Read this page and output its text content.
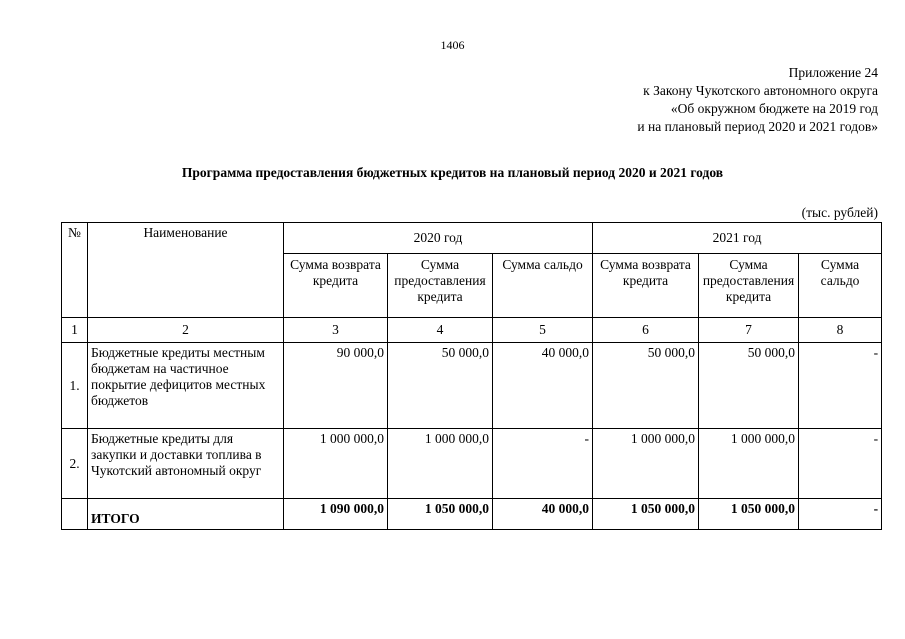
1406
Приложение 24
к Закону Чукотского автономного округа
«Об окружном бюджете на 2019 год
и на плановый период 2020 и 2021 годов»
Программа предоставления бюджетных кредитов на плановый период 2020 и 2021 годов
(тыс. рублей)
№	Наименование	2020 год			2021 год		
		Сумма возврата кредита	Сумма предоставления кредита	Сумма сальдо	Сумма возврата кредита	Сумма предоставления кредита	Сумма сальдо
1	2	3	4	5	6	7	8
1.	Бюджетные кредиты местным бюджетам на частичное покрытие дефицитов местных бюджетов	90 000,0	50 000,0	40 000,0	50 000,0	50 000,0	-
2.	Бюджетные кредиты для закупки и доставки топлива в Чукотский автономный округ	1 000 000,0	1 000 000,0	-	1 000 000,0	1 000 000,0	-
	ИТОГО	1 090 000,0	1 050 000,0	40 000,0	1 050 000,0	1 050 000,0	-
